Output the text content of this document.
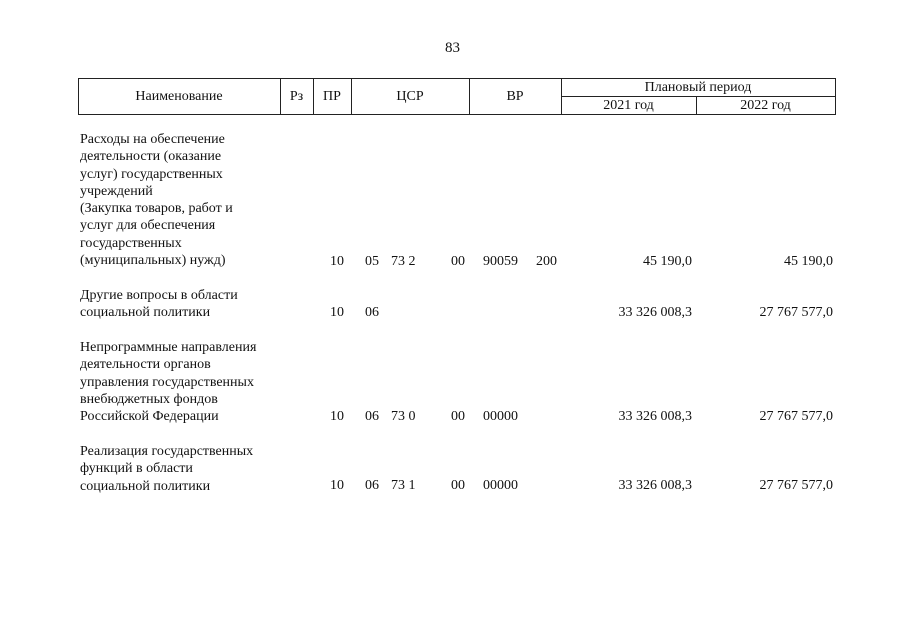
83
Наименование	Рз	ПР	ЦСР	ВР
Плановый период
2021 год	2022 год
Расходы на обеспечение
деятельности (оказание
услуг) государственных
учреждений
(Закупка товаров, работ и
услуг для обеспечения
государственных
(муниципальных) нужд)	10 05 73 2	00 90059 200	45 190,0	45 190,0
Другие вопросы в области
социальной политики	10 06	33 326 008,3	27 767 577,0
Непрограммные направления
деятельности органов
управления государственных
внебюджетных фондов
Российской Федерации	10 06 73 0	00 00000	33 326 008,3	27 767 577,0
Реализация государственных
функций в области
социальной политики	10 06 73 1	00 00000	33 326 008,3	27 767 577,0
